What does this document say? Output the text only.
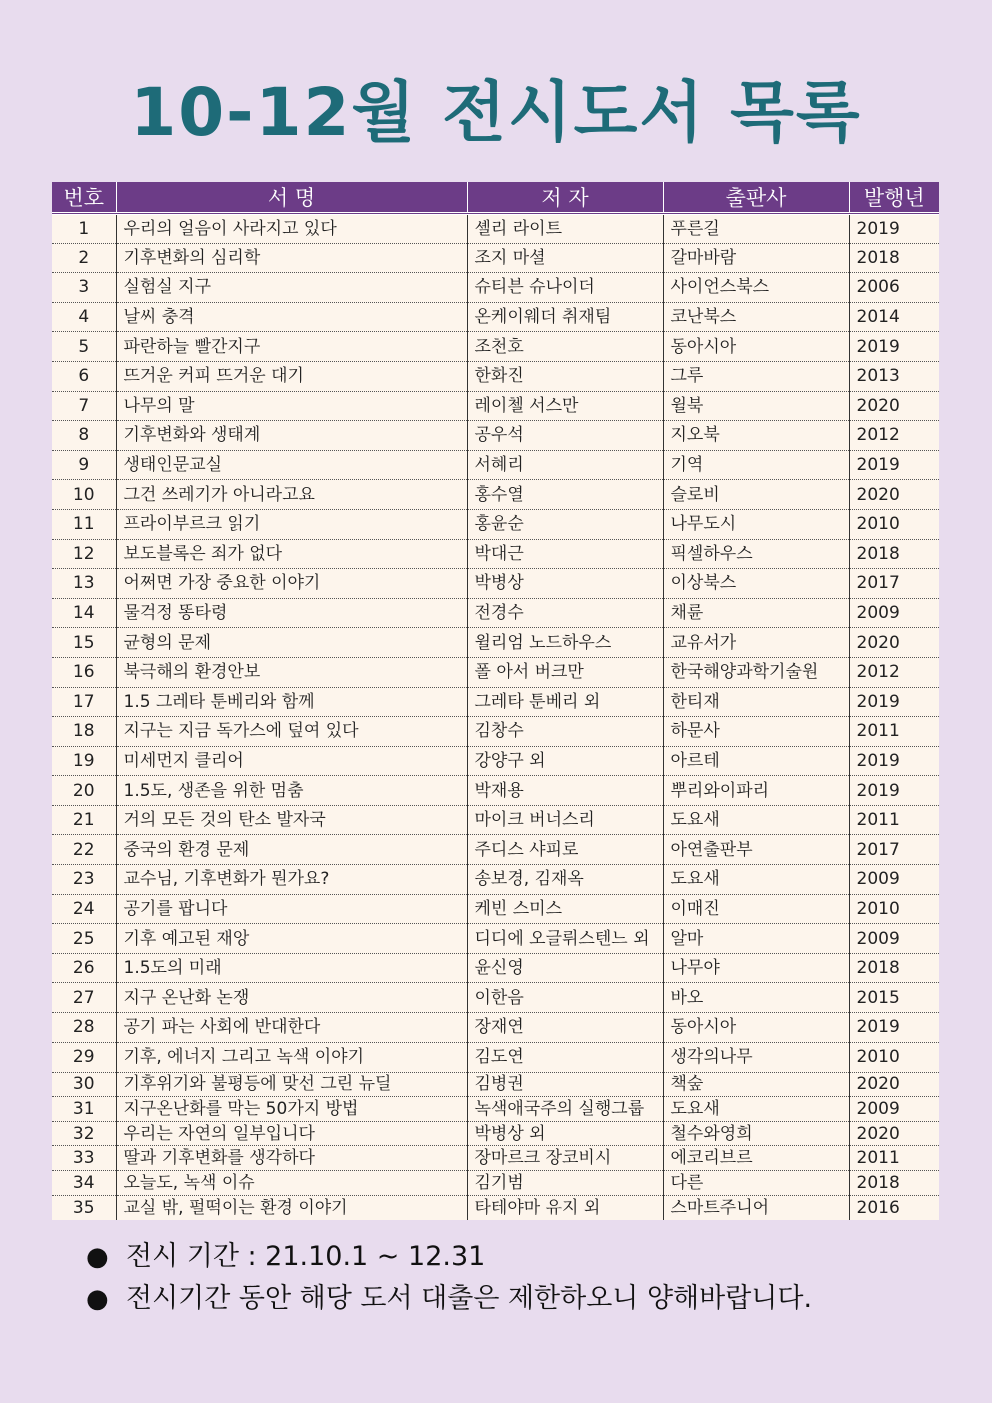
10-12월 전시도서 목록
번호	서 명	저 자	출판사	발행년
1	우리의 얼음이 사라지고 있다	셸리 라이트	푸른길	2019
2	기후변화의 심리학	조지 마셜	갈마바람	2018
3	실험실 지구	슈티븐 슈나이더	사이언스북스	2006
4	날씨 충격	온케이웨더 취재팀	코난북스	2014
5	파란하늘 빨간지구	조천호	동아시아	2019
6	뜨거운 커피 뜨거운 대기	한화진	그루	2013
7	나무의 말	레이첼 서스만	윌북	2020
8	기후변화와 생태계	공우석	지오북	2012
9	생태인문교실	서혜리	기역	2019
10	그건 쓰레기가 아니라고요	홍수열	슬로비	2020
11	프라이부르크 읽기	홍윤순	나무도시	2010
12	보도블록은 죄가 없다	박대근	픽셀하우스	2018
13	어쩌면 가장 중요한 이야기	박병상	이상북스	2017
14	물걱정 똥타령	전경수	채륜	2009
15	균형의 문제	윌리엄 노드하우스	교유서가	2020
16	북극해의 환경안보	폴 아서 버크만	한국해양과학기술원	2012
17	1.5 그레타 툰베리와 함께	그레타 툰베리 외	한티재	2019
18	지구는 지금 독가스에 덮여 있다	김창수	하문사	2011
19	미세먼지 클리어	강양구 외	아르테	2019
20	1.5도, 생존을 위한 멈춤	박재용	뿌리와이파리	2019
21	거의 모든 것의 탄소 발자국	마이크 버너스리	도요새	2011
22	중국의 환경 문제	주디스 샤피로	아연출판부	2017
23	교수님, 기후변화가 뭔가요?	송보경, 김재옥	도요새	2009
24	공기를 팝니다	케빈 스미스	이매진	2010
25	기후 예고된 재앙	디디에 오글뤼스텐느 외	알마	2009
26	1.5도의 미래	윤신영	나무야	2018
27	지구 온난화 논쟁	이한음	바오	2015
28	공기 파는 사회에 반대한다	장재연	동아시아	2019
29	기후, 에너지 그리고 녹색 이야기	김도연	생각의나무	2010
30	기후위기와 불평등에 맞선 그린 뉴딜	김병권	책숲	2020
31	지구온난화를 막는 50가지 방법	녹색애국주의 실행그룹	도요새	2009
32	우리는 자연의 일부입니다	박병상 외	철수와영희	2020
33	딸과 기후변화를 생각하다	장마르크 장코비시	에코리브르	2011
34	오늘도, 녹색 이슈	김기범	다른	2018
35	교실 밖, 펄떡이는 환경 이야기	타테야마 유지 외	스마트주니어	2016
● 전시 기간 : 21.10.1 ~ 12.31
● 전시기간 동안 해당 도서 대출은 제한하오니 양해바랍니다.
